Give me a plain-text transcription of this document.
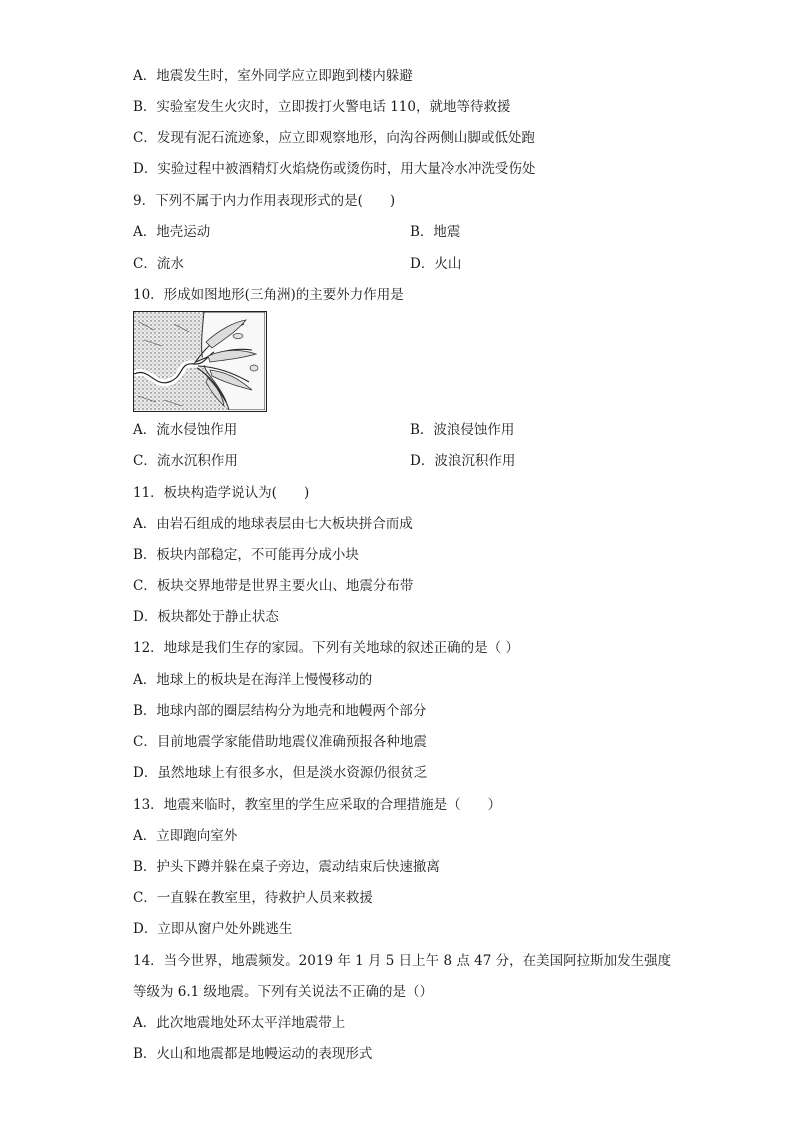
A．地震发生时，室外同学应立即跑到楼内躲避
B．实验室发生火灾时，立即拨打火警电话 110，就地等待救援
C．发现有泥石流迹象，应立即观察地形，向沟谷两侧山脚或低处跑
D．实验过程中被酒精灯火焰烧伤或烫伤时，用大量冷水冲洗受伤处
9．下列不属于内力作用表现形式的是(　　)
A．地壳运动	B．地震
C．流水	D．火山
10．形成如图地形(三角洲)的主要外力作用是
A．流水侵蚀作用	B．波浪侵蚀作用
C．流水沉积作用	D．波浪沉积作用
11．板块构造学说认为(　　)
A．由岩石组成的地球表层由七大板块拼合而成
B．板块内部稳定，不可能再分成小块
C．板块交界地带是世界主要火山、地震分布带
D．板块都处于静止状态
12．地球是我们生存的家园。下列有关地球的叙述正确的是（ ）
A．地球上的板块是在海洋上慢慢移动的
B．地球内部的圈层结构分为地壳和地幔两个部分
C．目前地震学家能借助地震仪准确预报各种地震
D．虽然地球上有很多水，但是淡水资源仍很贫乏
13．地震来临时，教室里的学生应采取的合理措施是（　　）
A．立即跑向室外
B．护头下蹲并躲在桌子旁边，震动结束后快速撤离
C．一直躲在教室里，待救护人员来救援
D．立即从窗户处外跳逃生
14．当今世界，地震频发。2019 年 1 月 5 日上午 8 点 47 分，在美国阿拉斯加发生强度
等级为 6.1 级地震。下列有关说法不正确的是（）
A．此次地震地处环太平洋地震带上
B．火山和地震都是地幔运动的表现形式
